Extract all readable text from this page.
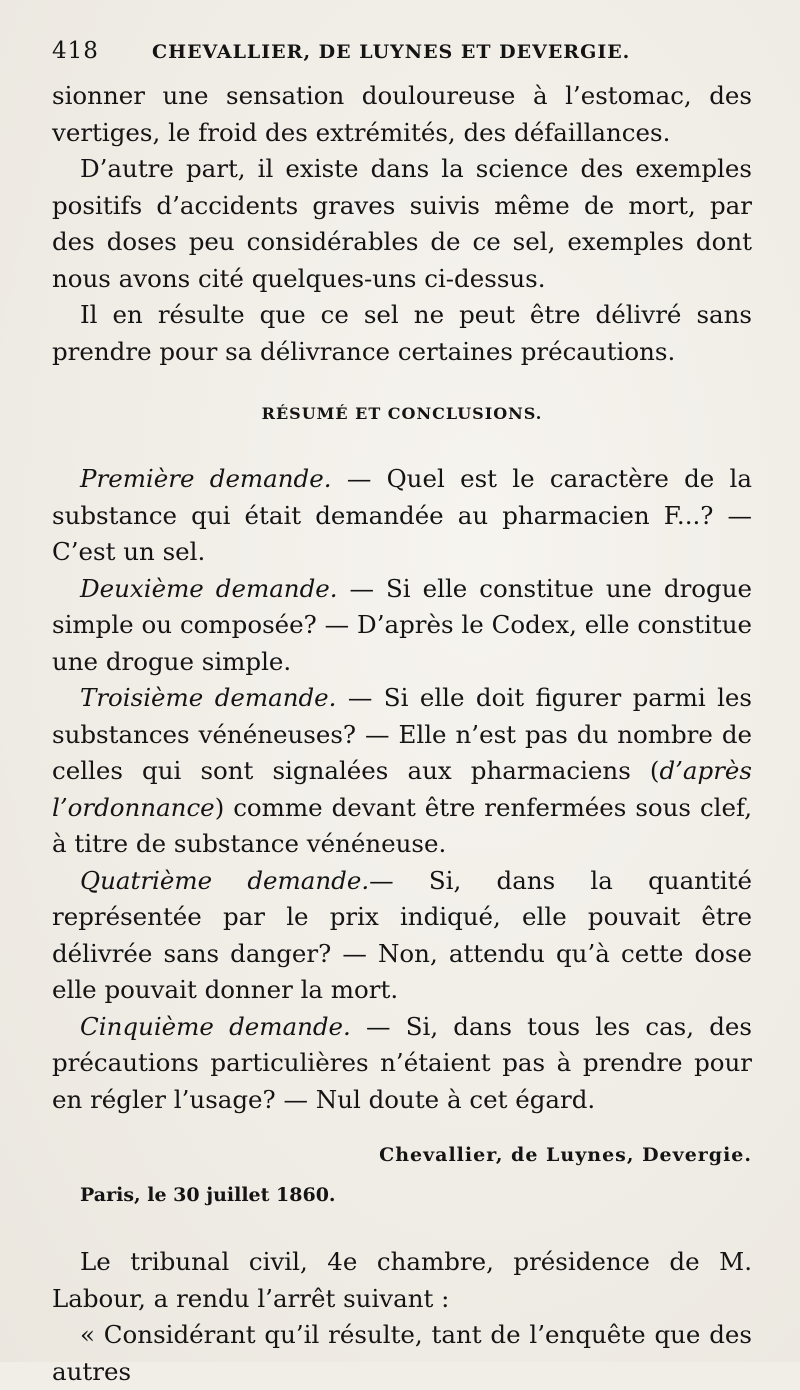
418	CHEVALLIER, DE LUYNES ET DEVERGIE.

sionner une sensation douloureuse à l’estomac, des vertiges, le froid des extrémités, des défaillances.

D’autre part, il existe dans la science des exemples positifs d’accidents graves suivis même de mort, par des doses peu considérables de ce sel, exemples dont nous avons cité quelques-uns ci-dessus.

Il en résulte que ce sel ne peut être délivré sans prendre pour sa délivrance certaines précautions.

RÉSUMÉ ET CONCLUSIONS.

Première demande. — Quel est le caractère de la substance qui était demandée au pharmacien F...? — C’est un sel.

Deuxième demande. — Si elle constitue une drogue simple ou composée? — D’après le Codex, elle constitue une drogue simple.

Troisième demande. — Si elle doit figurer parmi les substances vénéneuses? — Elle n’est pas du nombre de celles qui sont signalées aux pharmaciens (d’après l’ordonnance) comme devant être renfermées sous clef, à titre de substance vénéneuse.

Quatrième demande.— Si, dans la quantité représentée par le prix indiqué, elle pouvait être délivrée sans danger? — Non, attendu qu’à cette dose elle pouvait donner la mort.

Cinquième demande. — Si, dans tous les cas, des précautions particulières n’étaient pas à prendre pour en régler l’usage? — Nul doute à cet égard.

Chevallier, de Luynes, Devergie.
Paris, le 30 juillet 1860.

Le tribunal civil, 4e chambre, présidence de M. Labour, a rendu l’arrêt suivant :

« Considérant qu’il résulte, tant de l’enquête que des autres
